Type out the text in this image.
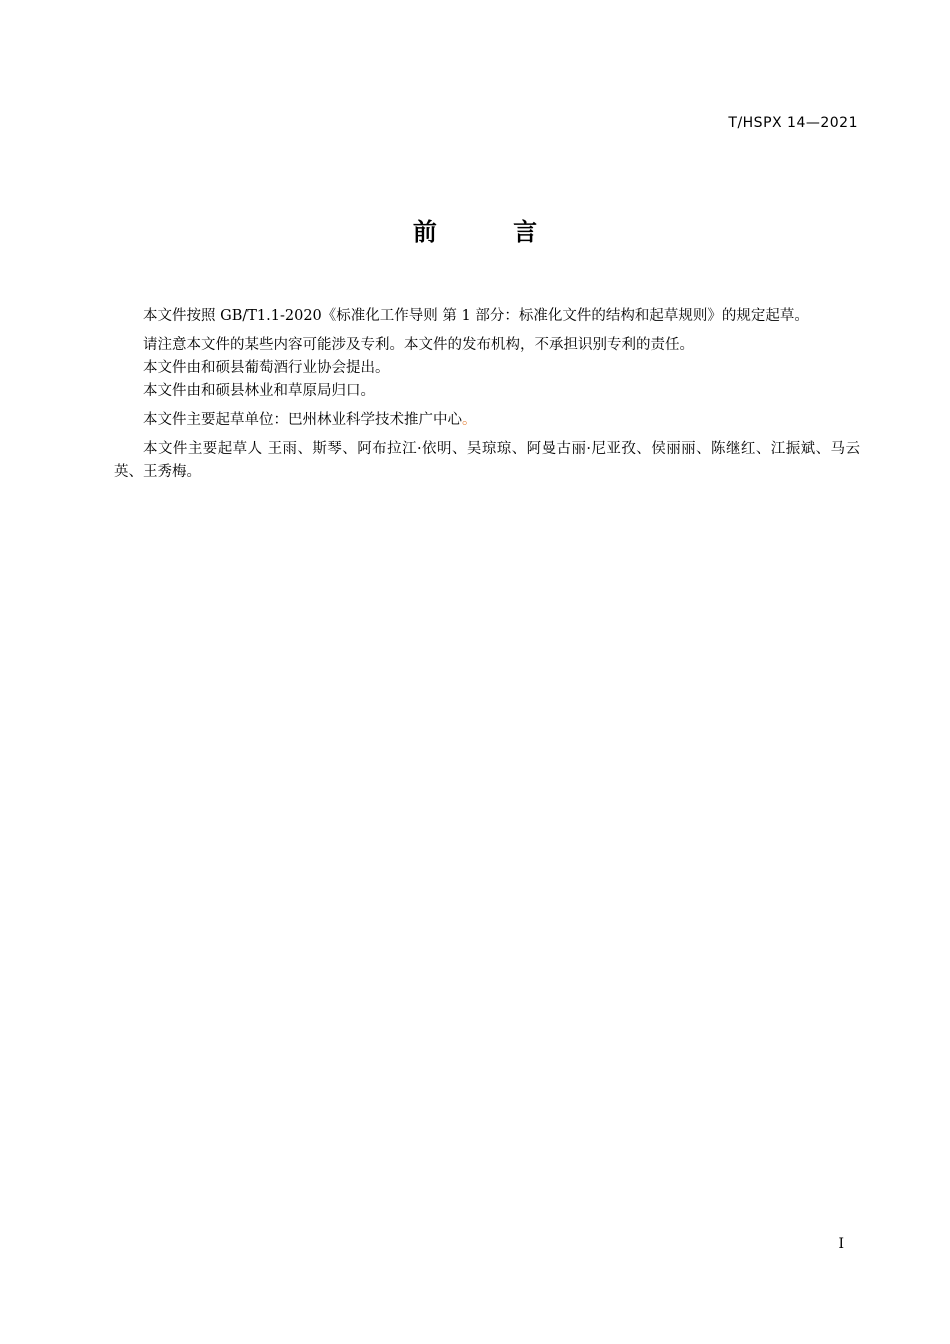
T/HSPX 14—2021
前 言

本文件按照 GB/T1.1-2020《标准化工作导则 第 1 部分：标准化文件的结构和起草规则》的规定起草。

请注意本文件的某些内容可能涉及专利。本文件的发布机构，不承担识别专利的责任。

本文件由和硕县葡萄酒行业协会提出。

本文件由和硕县林业和草原局归口。

本文件主要起草单位：巴州林业科学技术推广中心。

本文件主要起草人 王雨、斯琴、阿布拉江·依明、吴琼琼、阿曼古丽·尼亚孜、侯丽丽、陈继红、江振斌、马云英、王秀梅。

I
